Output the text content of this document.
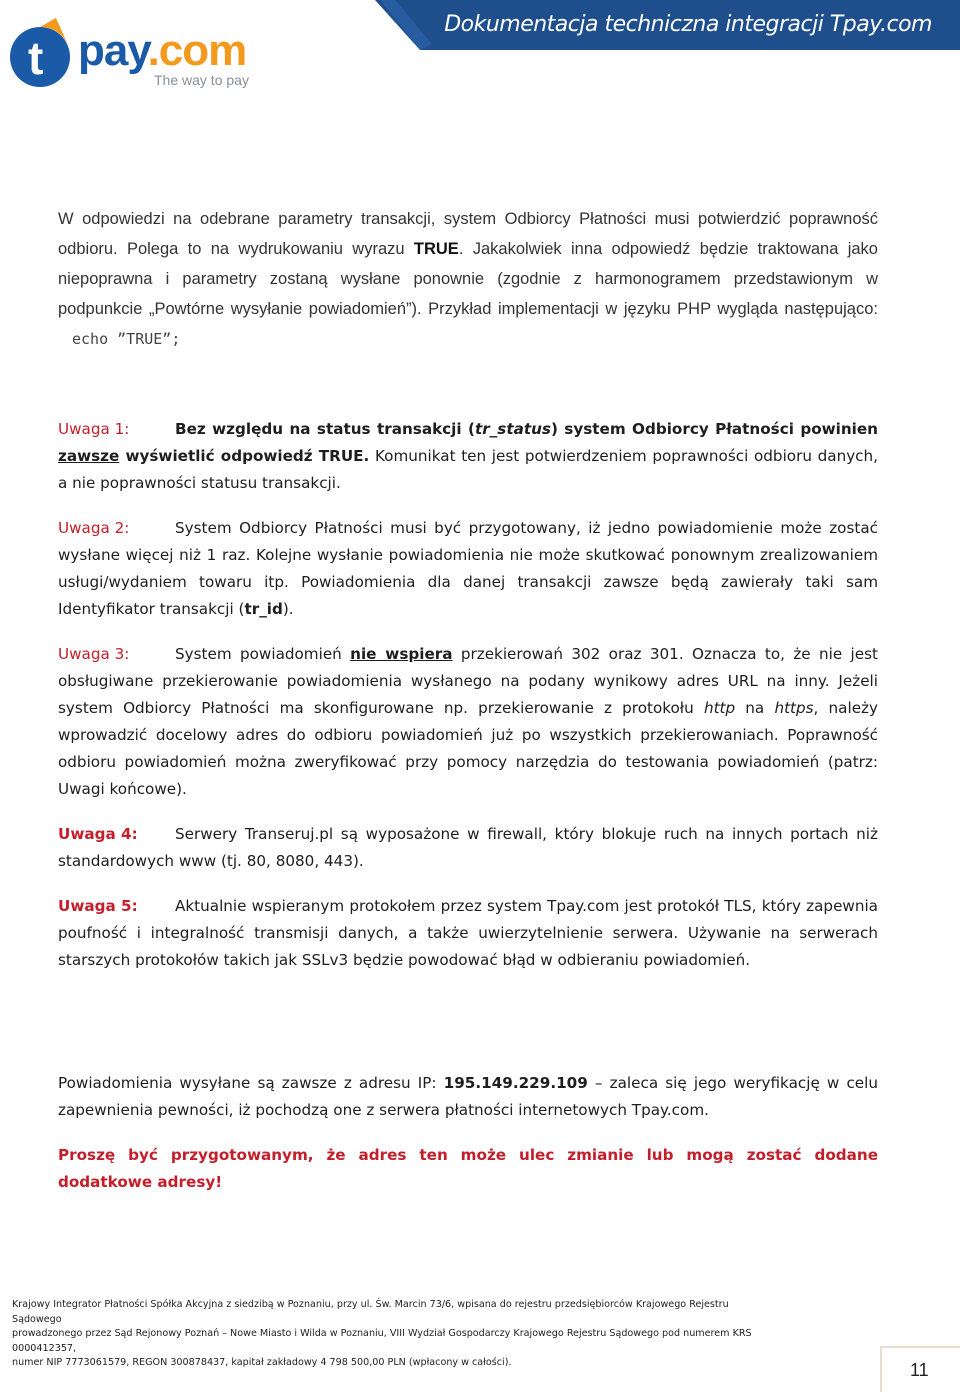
t pay.com
The way to pay
Dokumentacja techniczna integracji Tpay.com

W odpowiedzi na odebrane parametry transakcji, system Odbiorcy Płatności musi potwierdzić poprawność odbioru. Polega to na wydrukowaniu wyrazu TRUE. Jakakolwiek inna odpowiedź będzie traktowana jako niepoprawna i parametry zostaną wysłane ponownie (zgodnie z harmonogramem przedstawionym w podpunkcie „Powtórne wysyłanie powiadomień”). Przykład implementacji w języku PHP wygląda następująco: echo ”TRUE”;

Uwaga 1:	Bez względu na status transakcji (tr_status) system Odbiorcy Płatności powinien zawsze wyświetlić odpowiedź TRUE. Komunikat ten jest potwierdzeniem poprawności odbioru danych, a nie poprawności statusu transakcji.

Uwaga 2:	System Odbiorcy Płatności musi być przygotowany, iż jedno powiadomienie może zostać wysłane więcej niż 1 raz. Kolejne wysłanie powiadomienia nie może skutkować ponownym zrealizowaniem usługi/wydaniem towaru itp. Powiadomienia dla danej transakcji zawsze będą zawierały taki sam Identyfikator transakcji (tr_id).

Uwaga 3:	System powiadomień nie wspiera przekierowań 302 oraz 301. Oznacza to, że nie jest obsługiwane przekierowanie powiadomienia wysłanego na podany wynikowy adres URL na inny. Jeżeli system Odbiorcy Płatności ma skonfigurowane np. przekierowanie z protokołu http na https, należy wprowadzić docelowy adres do odbioru powiadomień już po wszystkich przekierowaniach. Poprawność odbioru powiadomień można zweryfikować przy pomocy narzędzia do testowania powiadomień (patrz: Uwagi końcowe).

Uwaga 4: Serwery Transeruj.pl są wyposażone w firewall, który blokuje ruch na innych portach niż standardowych www (tj. 80, 8080, 443).

Uwaga 5: Aktualnie wspieranym protokołem przez system Tpay.com jest protokół TLS, który zapewnia poufność i integralność transmisji danych, a także uwierzytelnienie serwera. Używanie na serwerach starszych protokołów takich jak SSLv3 będzie powodować błąd w odbieraniu powiadomień.

Powiadomienia wysyłane są zawsze z adresu IP: 195.149.229.109 – zaleca się jego weryfikację w celu zapewnienia pewności, iż pochodzą one z serwera płatności internetowych Tpay.com.

Proszę być przygotowanym, że adres ten może ulec zmianie lub mogą zostać dodane dodatkowe adresy!

Krajowy Integrator Płatności Spółka Akcyjna z siedzibą w Poznaniu, przy ul. Św. Marcin 73/6, wpisana do rejestru przedsiębiorców Krajowego Rejestru Sądowego
prowadzonego przez Sąd Rejonowy Poznań – Nowe Miasto i Wilda w Poznaniu, VIII Wydział Gospodarczy Krajowego Rejestru Sądowego pod numerem KRS 0000412357,
numer NIP 7773061579, REGON 300878437, kapitał zakładowy 4 798 500,00 PLN (wpłacony w całości).	11
